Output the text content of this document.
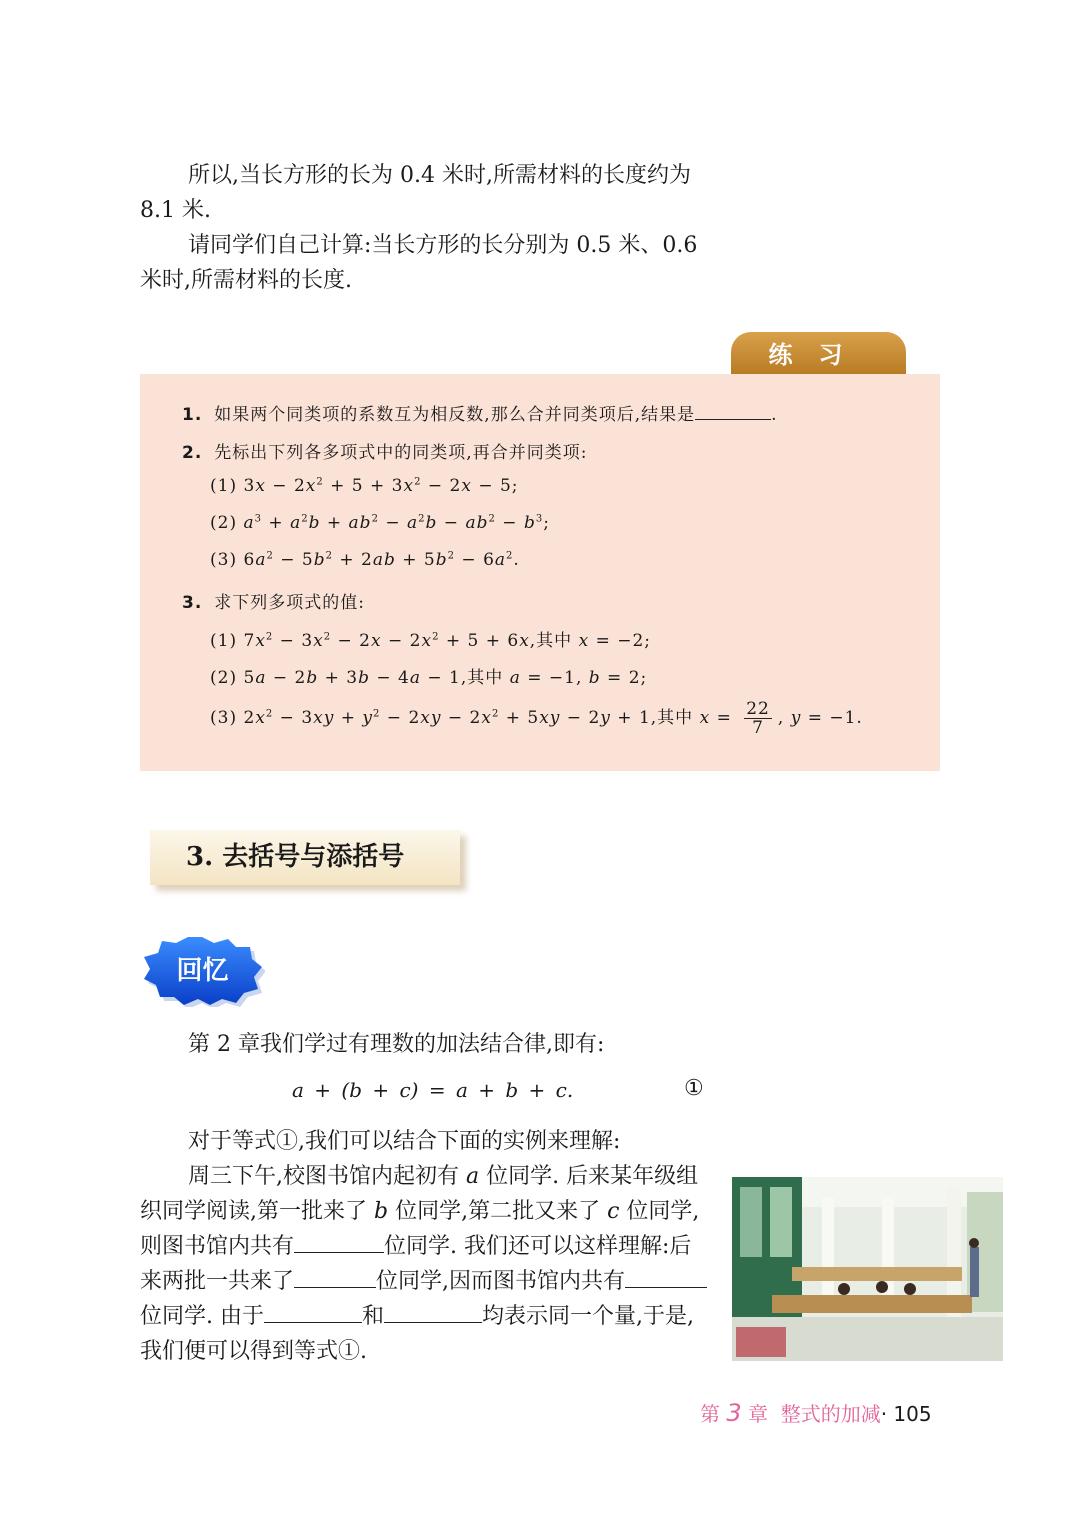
所以,当长方形的长为 0.4 米时,所需材料的长度约为 8.1 米.

请同学们自己计算:当长方形的长分别为 0.5 米、0.6 米时,所需材料的长度.

练习
1. 如果两个同类项的系数互为相反数,那么合并同类项后,结果是	.
2. 先标出下列各多项式中的同类项,再合并同类项:
(1) $3x - 2x^2 + 5 + 3x^2 - 2x - 5$;
(2) $a^3 + a^2b + ab^2 - a^2b - ab^2 - b^3$;
(3) $6a^2 - 5b^2 + 2ab + 5b^2 - 6a^2$.
3. 求下列多项式的值:
(1) $7x^2 - 3x^2 - 2x - 2x^2 + 5 + 6x$,其中 x = −2;
(2) 5a − 2b + 3b − 4a − 1,其中 a = −1, b = 2;
(3) $2x^2 - 3xy + y^2 - 2xy - 2x^2 + 5xy - 2y + 1$,其中 $x = \frac{22}{7}$ , y = −1.
3. 去括号与添括号
回忆

第 2 章我们学过有理数的加法结合律,即有:

a + (b + c) = a + b + c.	①

对于等式①,我们可以结合下面的实例来理解:

周三下午,校图书馆内起初有 a 位同学. 后来某年级组织同学阅读,第一批来了 b 位同学,第二批又来了 c 位同学,则图书馆内共有	位同学. 我们还可以这样理解:后来两批一共来了	位同学,因而图书馆内共有位同学. 由于	和	均表示同一个量,于是,我们便可以得到等式①.

第 3 章 整式的加减· 105
